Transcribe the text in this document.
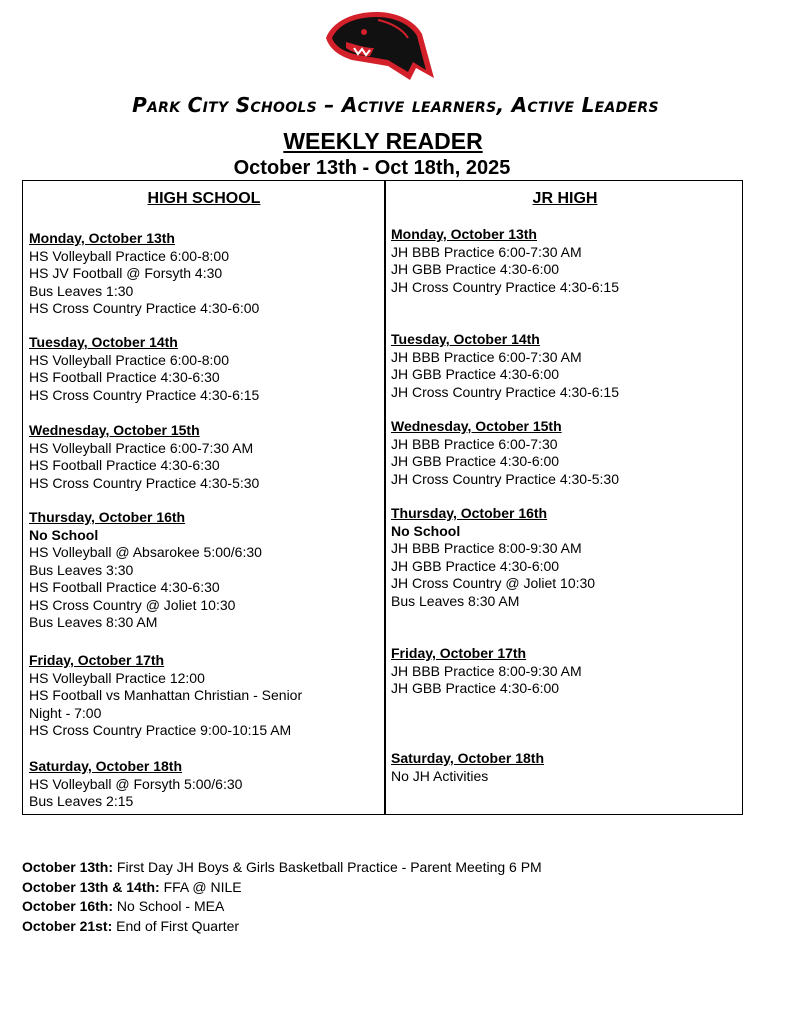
Park City Schools – Active learners, Active Leaders
WEEKLY READER
October 13th - Oct 18th, 2025
HIGH SCHOOL
Monday, October 13th
HS Volleyball Practice 6:00-8:00
HS JV Football @ Forsyth 4:30
Bus Leaves 1:30
HS Cross Country Practice 4:30-6:00
Tuesday, October 14th
HS Volleyball Practice 6:00-8:00
HS Football Practice 4:30-6:30
HS Cross Country Practice 4:30-6:15
Wednesday, October 15th
HS Volleyball Practice 6:00-7:30 AM
HS Football Practice 4:30-6:30
HS Cross Country Practice 4:30-5:30
Thursday, October 16th
No School
HS Volleyball @ Absarokee 5:00/6:30
Bus Leaves 3:30
HS Football Practice 4:30-6:30
HS Cross Country @ Joliet 10:30
Bus Leaves 8:30 AM
Friday, October 17th
HS Volleyball Practice 12:00
HS Football vs Manhattan Christian - Senior
Night - 7:00
HS Cross Country Practice 9:00-10:15 AM
Saturday, October 18th
HS Volleyball @ Forsyth 5:00/6:30
Bus Leaves 2:15
JR HIGH
Monday, October 13th
JH BBB Practice 6:00-7:30 AM
JH GBB Practice 4:30-6:00
JH Cross Country Practice 4:30-6:15
Tuesday, October 14th
JH BBB Practice 6:00-7:30 AM
JH GBB Practice 4:30-6:00
JH Cross Country Practice 4:30-6:15
Wednesday, October 15th
JH BBB Practice 6:00-7:30
JH GBB Practice 4:30-6:00
JH Cross Country Practice 4:30-5:30
Thursday, October 16th
No School
JH BBB Practice 8:00-9:30 AM
JH GBB Practice 4:30-6:00
JH Cross Country @ Joliet 10:30
Bus Leaves 8:30 AM
Friday, October 17th
JH BBB Practice 8:00-9:30 AM
JH GBB Practice 4:30-6:00
Saturday, October 18th
No JH Activities
October 13th: First Day JH Boys & Girls Basketball Practice - Parent Meeting 6 PM
October 13th & 14th: FFA @ NILE
October 16th: No School - MEA
October 21st: End of First Quarter
